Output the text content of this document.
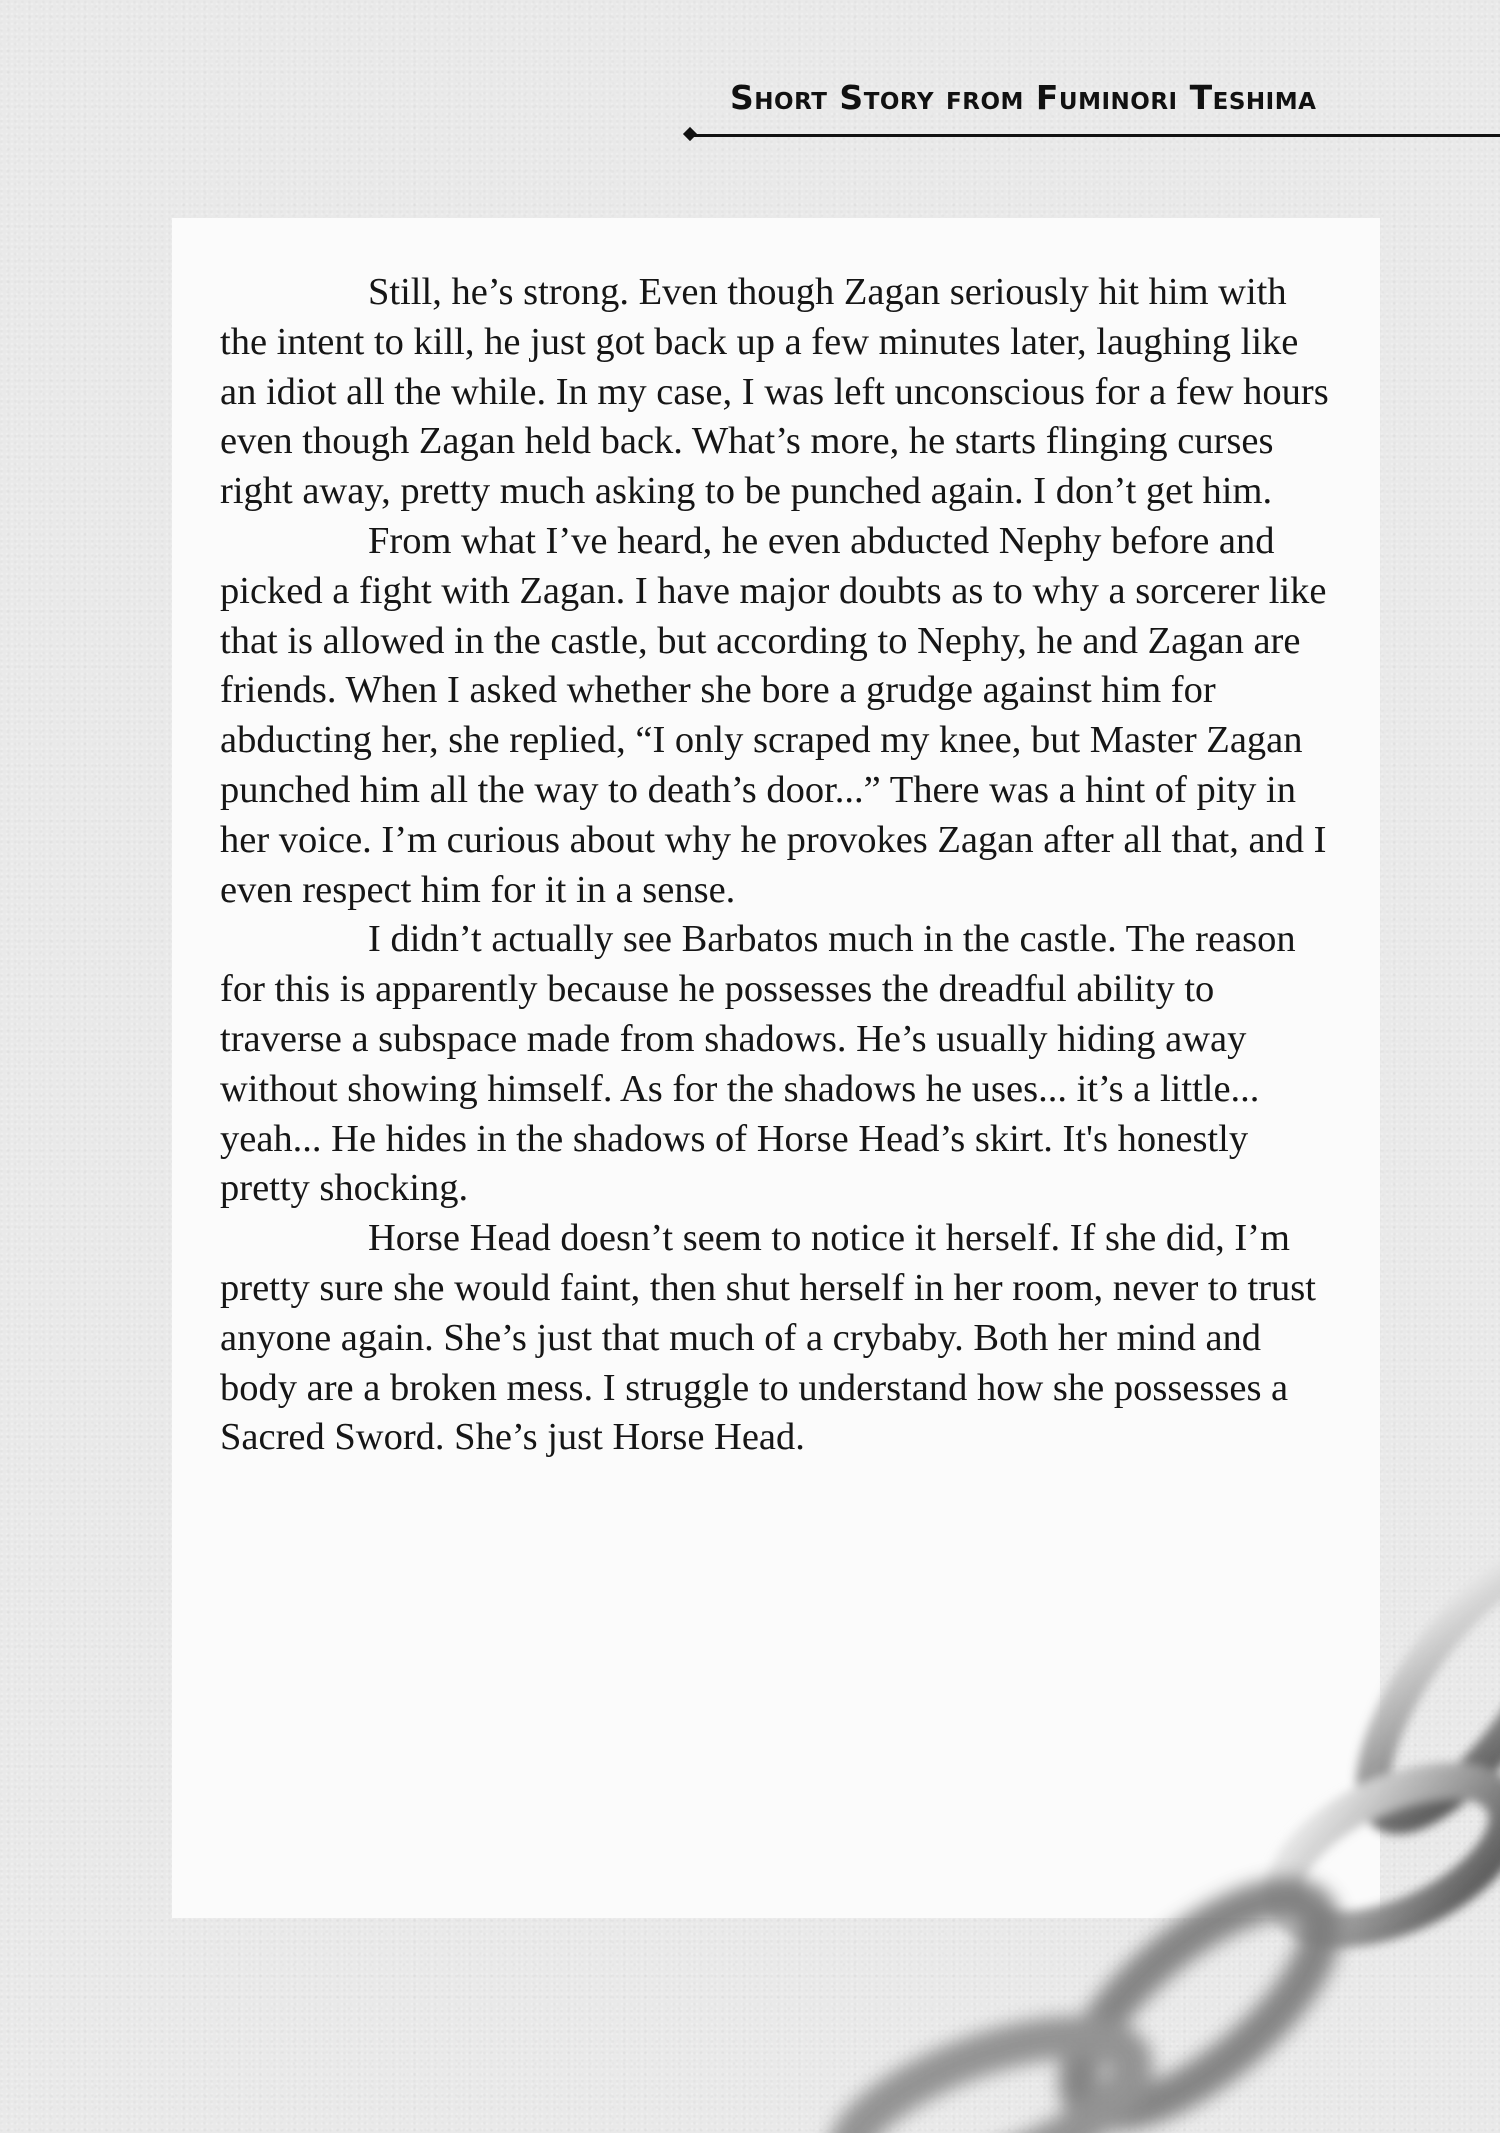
Short Story from Fuminori Teshima

Still, he’s strong. Even though Zagan seriously hit him with the intent to kill, he just got back up a few minutes later, laughing like an idiot all the while. In my case, I was left unconscious for a few hours even though Zagan held back. What’s more, he starts flinging curses right away, pretty much asking to be punched again. I don’t get him.

From what I’ve heard, he even abducted Nephy before and picked a fight with Zagan. I have major doubts as to why a sorcerer like that is allowed in the castle, but according to Nephy, he and Zagan are friends. When I asked whether she bore a grudge against him for abducting her, she replied, “I only scraped my knee, but Master Zagan punched him all the way to death’s door...” There was a hint of pity in her voice. I’m curious about why he provokes Zagan after all that, and I even respect him for it in a sense.

I didn’t actually see Barbatos much in the castle. The reason for this is apparently because he possesses the dreadful ability to traverse a subspace made from shadows. He’s usually hiding away without showing himself. As for the shadows he uses... it’s a little... yeah... He hides in the shadows of Horse Head’s skirt. It's honestly pretty shocking.

Horse Head doesn’t seem to notice it herself. If she did, I’m pretty sure she would faint, then shut herself in her room, never to trust anyone again. She’s just that much of a crybaby. Both her mind and body are a broken mess. I struggle to understand how she possesses a Sacred Sword. She’s just Horse Head.
